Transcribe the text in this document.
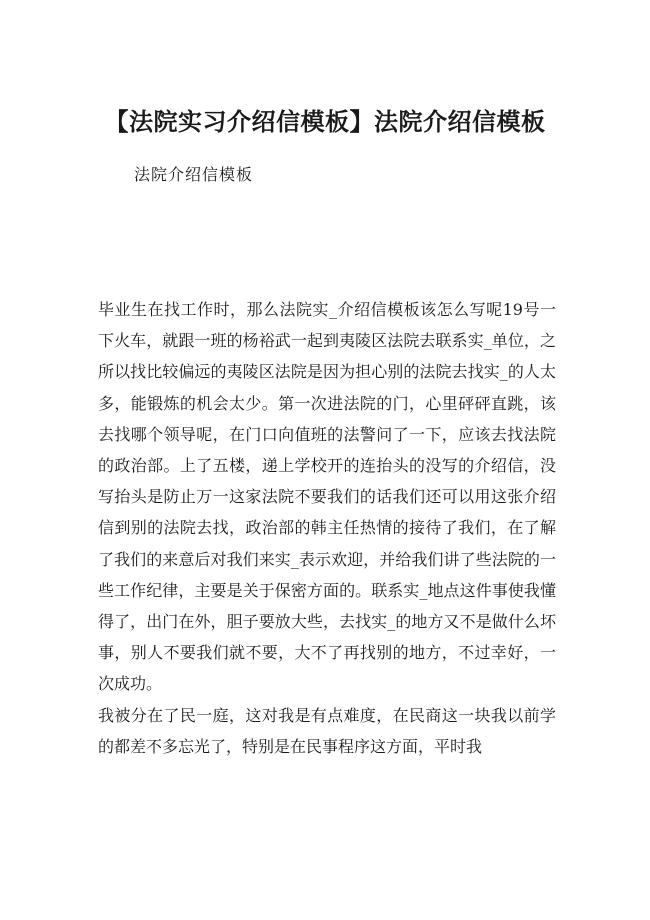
【法院实习介绍信模板】法院介绍信模板

法院介绍信模板

毕业生在找工作时，那么法院实_介绍信模板该怎么写呢19号一下火车，就跟一班的杨裕武一起到夷陵区法院去联系实_单位，之所以找比较偏远的夷陵区法院是因为担心别的法院去找实_的人太多，能锻炼的机会太少。第一次进法院的门，心里砰砰直跳，该去找哪个领导呢，在门口向值班的法警问了一下，应该去找法院的政治部。上了五楼，递上学校开的连抬头的没写的介绍信，没写抬头是防止万一这家法院不要我们的话我们还可以用这张介绍信到别的法院去找，政治部的韩主任热情的接待了我们，在了解了我们的来意后对我们来实_表示欢迎，并给我们讲了些法院的一些工作纪律，主要是关于保密方面的。联系实_地点这件事使我懂得了，出门在外，胆子要放大些，去找实_的地方又不是做什么坏事，别人不要我们就不要，大不了再找别的地方，不过幸好，一次成功。

我被分在了民一庭，这对我是有点难度，在民商这一块我以前学的都差不多忘光了，特别是在民事程序这方面，平时我
